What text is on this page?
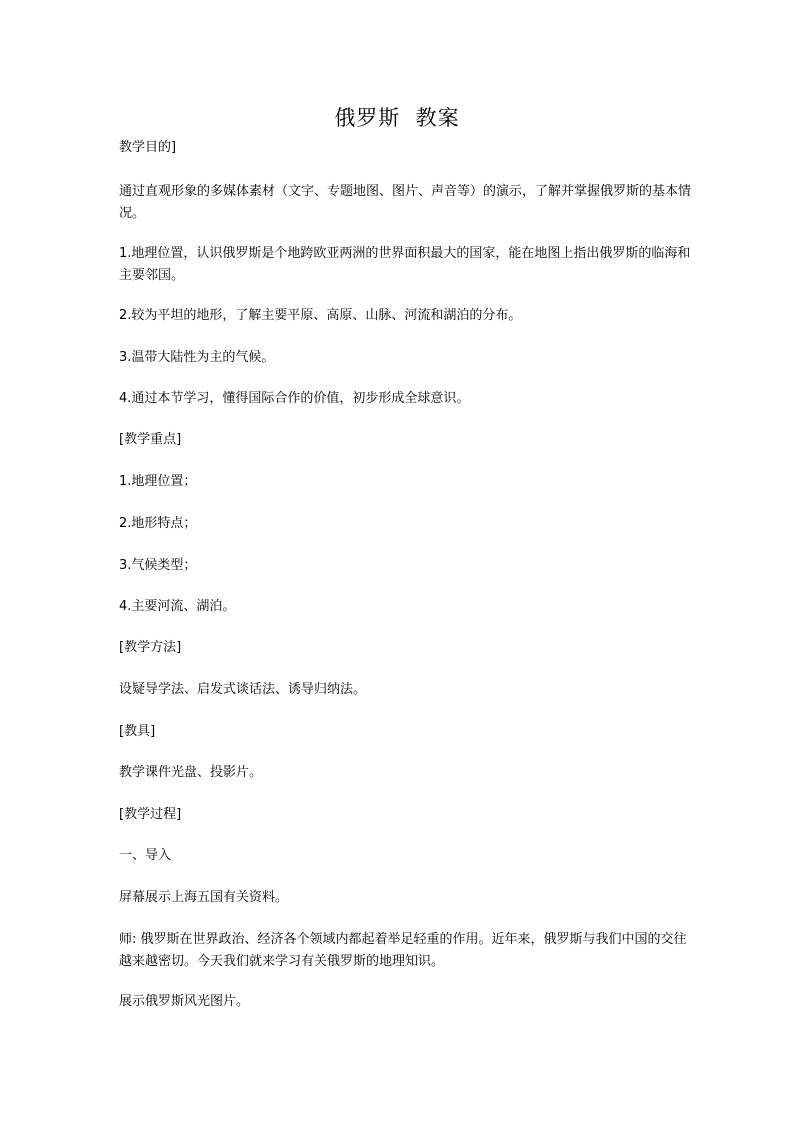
俄罗斯  教案

教学目的]

通过直观形象的多媒体素材（文字、专题地图、图片、声音等）的演示，了解并掌握俄罗斯的基本情况。

1.地理位置，认识俄罗斯是个地跨欧亚两洲的世界面积最大的国家，能在地图上指出俄罗斯的临海和主要邻国。

2.较为平坦的地形，了解主要平原、高原、山脉、河流和湖泊的分布。

3.温带大陆性为主的气候。

4.通过本节学习，懂得国际合作的价值，初步形成全球意识。

[教学重点]

1.地理位置；

2.地形特点；

3.气候类型；

4.主要河流、湖泊。

[教学方法]

设疑导学法、启发式谈话法、诱导归纳法。

[教具]

教学课件光盘、投影片。

[教学过程]

一、导入

屏幕展示上海五国有关资料。

师: 俄罗斯在世界政治、经济各个领域内都起着举足轻重的作用。近年来，俄罗斯与我们中国的交往越来越密切。今天我们就来学习有关俄罗斯的地理知识。

展示俄罗斯风光图片。
